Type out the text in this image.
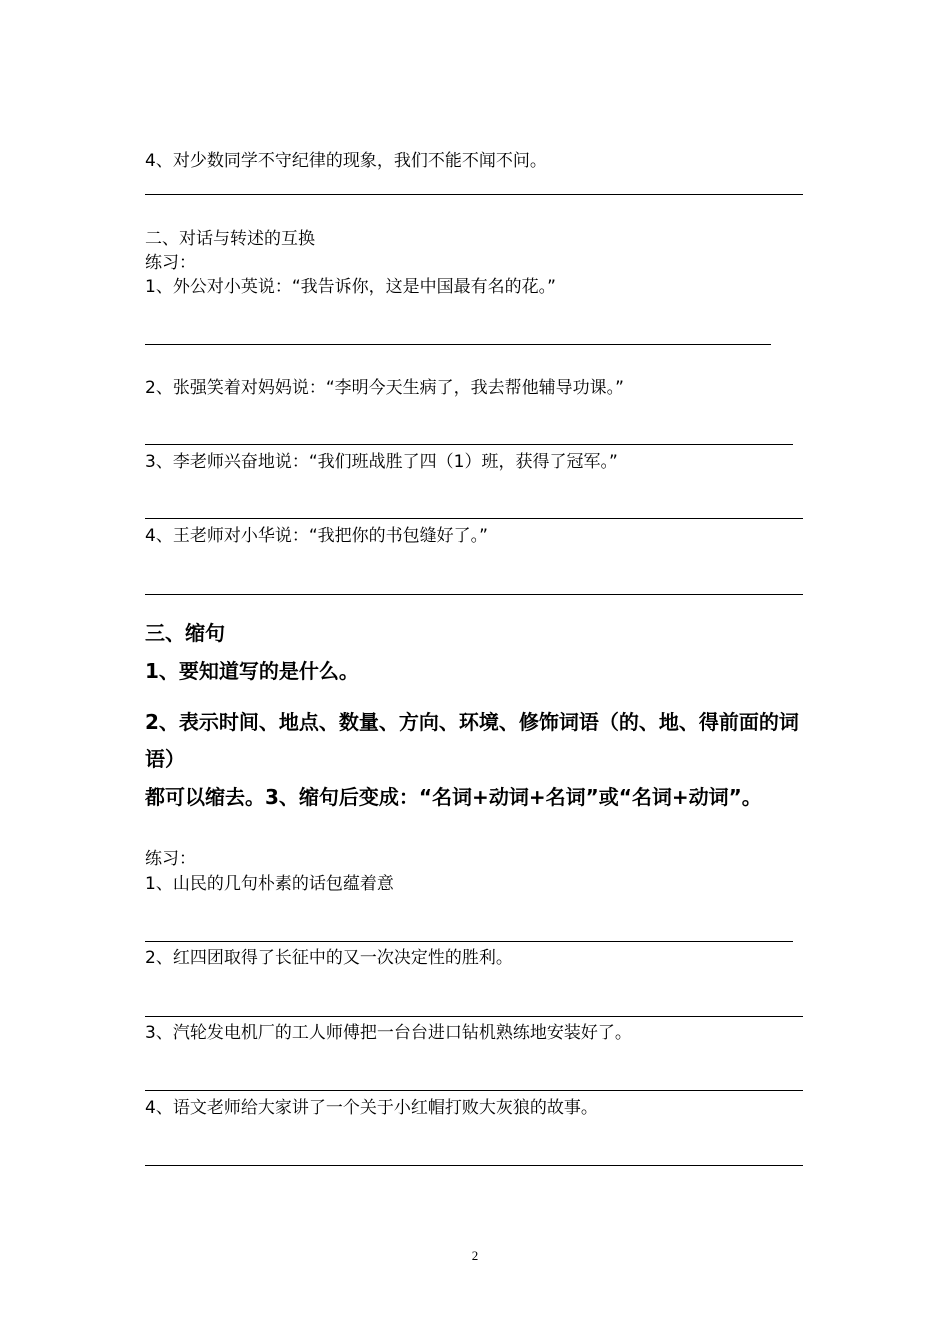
4、对少数同学不守纪律的现象，我们不能不闻不问。
二、对话与转述的互换
练习：
1、外公对小英说：“我告诉你，这是中国最有名的花。”
2、张强笑着对妈妈说：“李明今天生病了，我去帮他辅导功课。”
3、李老师兴奋地说：“我们班战胜了四（1）班，获得了冠军。”
4、王老师对小华说：“我把你的书包缝好了。”
三、缩句
1、要知道写的是什么。
2、表示时间、地点、数量、方向、环境、修饰词语（的、地、得前面的词
语）
都可以缩去。3、缩句后变成：“名词+动词+名词”或“名词+动词”。
练习：
1、山民的几句朴素的话包蕴着意
2、红四团取得了长征中的又一次决定性的胜利。
3、汽轮发电机厂的工人师傅把一台台进口钻机熟练地安装好了。
4、语文老师给大家讲了一个关于小红帽打败大灰狼的故事。
2
